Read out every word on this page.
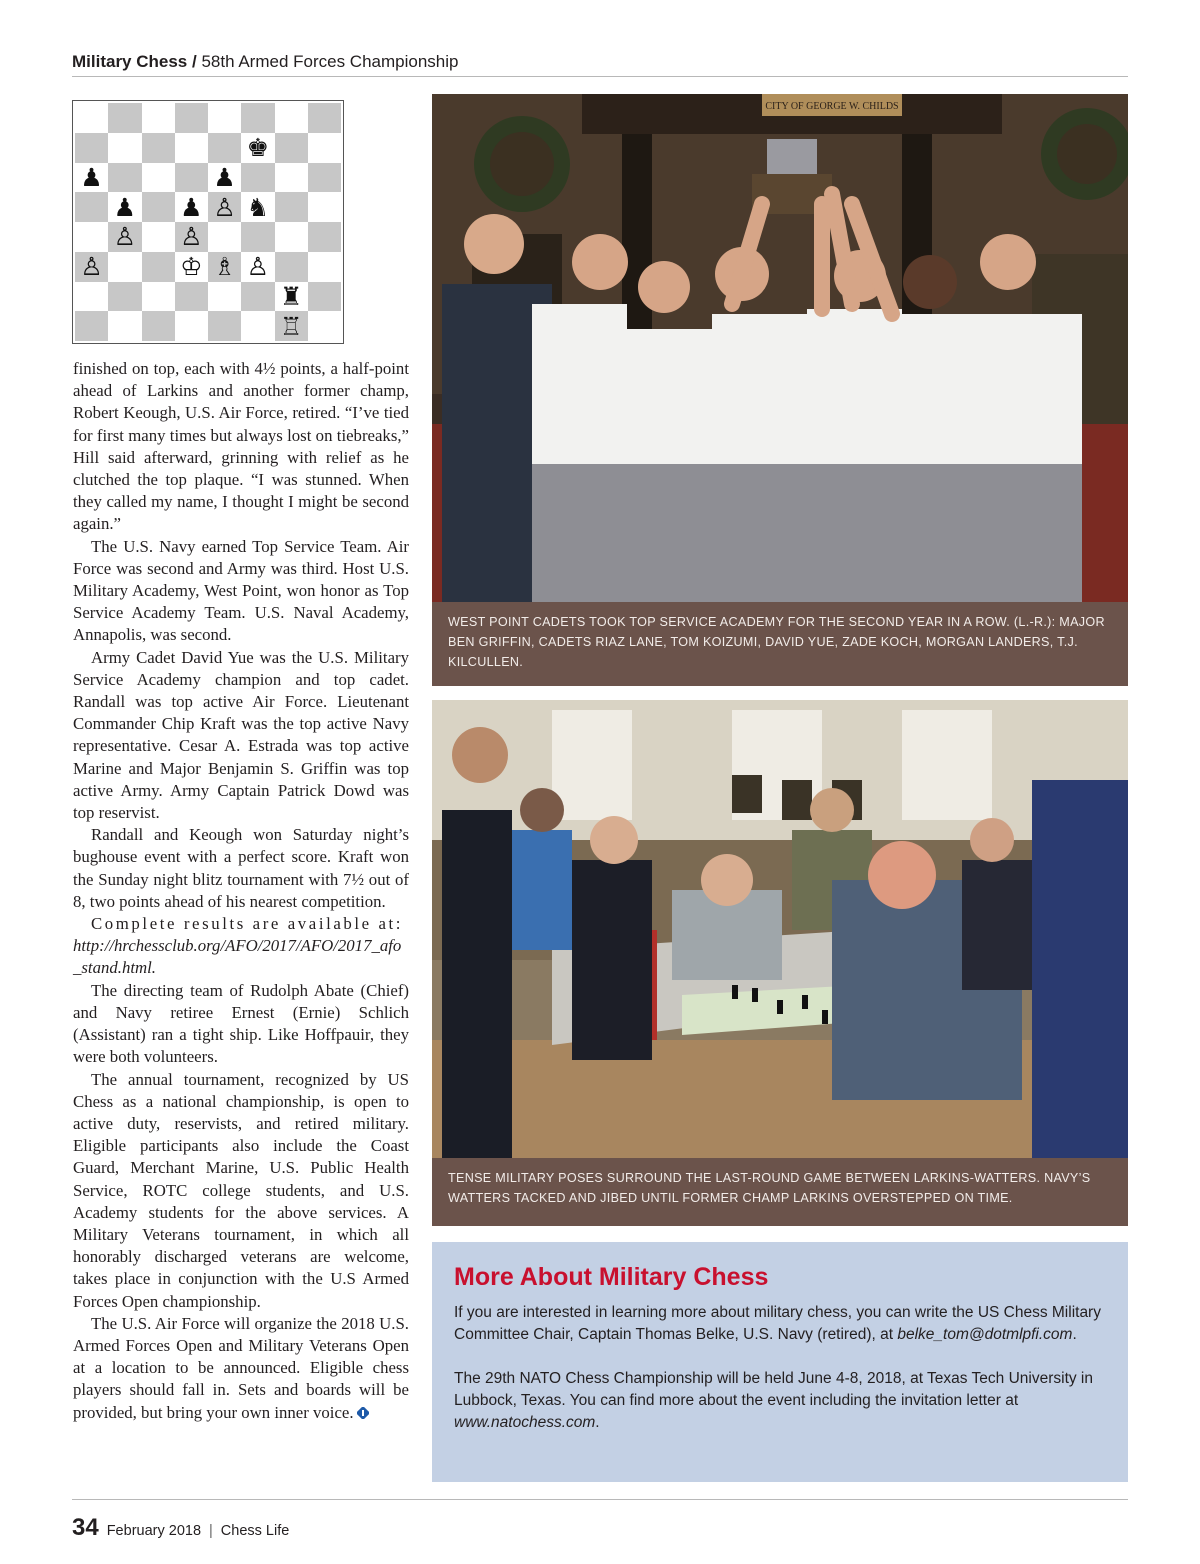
Military Chess / 58th Armed Forces Championship
♚
♟	♟
♟ ♟ ♙ ♞
♙ ♙
♙	♔ ♗ ♙
♜
♖

finished on top, each with 4½ points, a half-point ahead of Larkins and another former champ, Robert Keough, U.S. Air Force, retired. “I’ve tied for first many times but always lost on tiebreaks,” Hill said afterward, grinning with relief as he clutched the top plaque. “I was stunned. When they called my name, I thought I might be second again.”

The U.S. Navy earned Top Service Team. Air Force was second and Army was third. Host U.S. Military Academy, West Point, won honor as Top Service Academy Team. U.S. Naval Academy, Annapolis, was second.

Army Cadet David Yue was the U.S. Military Service Academy champion and top cadet. Randall was top active Air Force. Lieutenant Commander Chip Kraft was the top active Navy representative. Cesar A. Estrada was top active Marine and Major Benjamin S. Griffin was top active Army. Army Captain Patrick Dowd was top reservist.

Randall and Keough won Saturday night’s bughouse event with a perfect score. Kraft won the Sunday night blitz tournament with 7½ out of 8, two points ahead of his nearest competition.

Complete results are available at:

http://hrchessclub.org/AFO/2017/AFO/2017_afo_stand.html.

The directing team of Rudolph Abate (Chief) and Navy retiree Ernest (Ernie) Schlich (Assistant) ran a tight ship. Like Hoffpauir, they were both volunteers.

The annual tournament, recognized by US Chess as a national championship, is open to active duty, reservists, and retired military. Eligible participants also include the Coast Guard, Merchant Marine, U.S. Public Health Service, ROTC college students, and U.S. Academy students for the above services. A Military Veterans tournament, in which all honorably discharged veterans are welcome, takes place in conjunction with the U.S Armed Forces Open championship.

The U.S. Air Force will organize the 2018 U.S. Armed Forces Open and Military Veterans Open at a location to be announced. Eligible chess players should fall in. Sets and boards will be provided, but bring your own inner voice.

CITY OF GEORGE W. CHILDS
WEST POINT CADETS TOOK TOP SERVICE ACADEMY FOR THE SECOND YEAR IN A ROW. (L.-R.): MAJOR BEN GRIFFIN, CADETS RIAZ LANE, TOM KOIZUMI, DAVID YUE, ZADE KOCH, MORGAN LANDERS, T.J. KILCULLEN.
TENSE MILITARY POSES SURROUND THE LAST-ROUND GAME BETWEEN LARKINS-WATTERS. NAVY’S WATTERS TACKED AND JIBED UNTIL FORMER CHAMP LARKINS OVERSTEPPED ON TIME.
More About Military Chess

If you are interested in learning more about military chess, you can write the US Chess Military Committee Chair, Captain Thomas Belke, U.S. Navy (retired), at belke_tom@dotmlpfi.com.

The 29th NATO Chess Championship will be held June 4-8, 2018, at Texas Tech University in Lubbock, Texas. You can find more about the event including the invitation letter at www.natochess.com.

34 February 2018 | Chess Life
